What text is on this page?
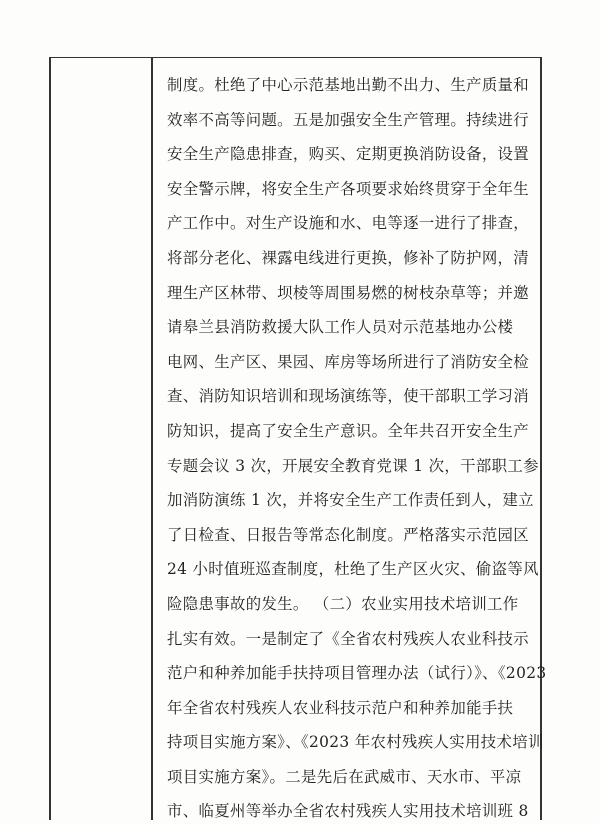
制度。杜绝了中心示范基地出勤不出力、生产质量和
效率不高等问题。五是加强安全生产管理。持续进行
安全生产隐患排查，购买、定期更换消防设备，设置
安全警示牌，将安全生产各项要求始终贯穿于全年生
产工作中。对生产设施和水、电等逐一进行了排查，
将部分老化、裸露电线进行更换，修补了防护网，清
理生产区林带、坝棱等周围易燃的树枝杂草等；并邀
请皋兰县消防救援大队工作人员对示范基地办公楼
电网、生产区、果园、库房等场所进行了消防安全检
查、消防知识培训和现场演练等，使干部职工学习消
防知识，提高了安全生产意识。全年共召开安全生产
专题会议 3 次，开展安全教育党课 1 次，干部职工参
加消防演练 1 次，并将安全生产工作责任到人，建立
了日检查、日报告等常态化制度。严格落实示范园区
24 小时值班巡查制度，杜绝了生产区火灾、偷盗等风
险隐患事故的发生。 （二）农业实用技术培训工作
扎实有效。一是制定了《全省农村残疾人农业科技示
范户和种养加能手扶持项目管理办法（试行）》、《2023
年全省农村残疾人农业科技示范户和种养加能手扶
持项目实施方案》、《2023 年农村残疾人实用技术培训
项目实施方案》。二是先后在武威市、天水市、平凉
市、临夏州等举办全省农村残疾人实用技术培训班 8
